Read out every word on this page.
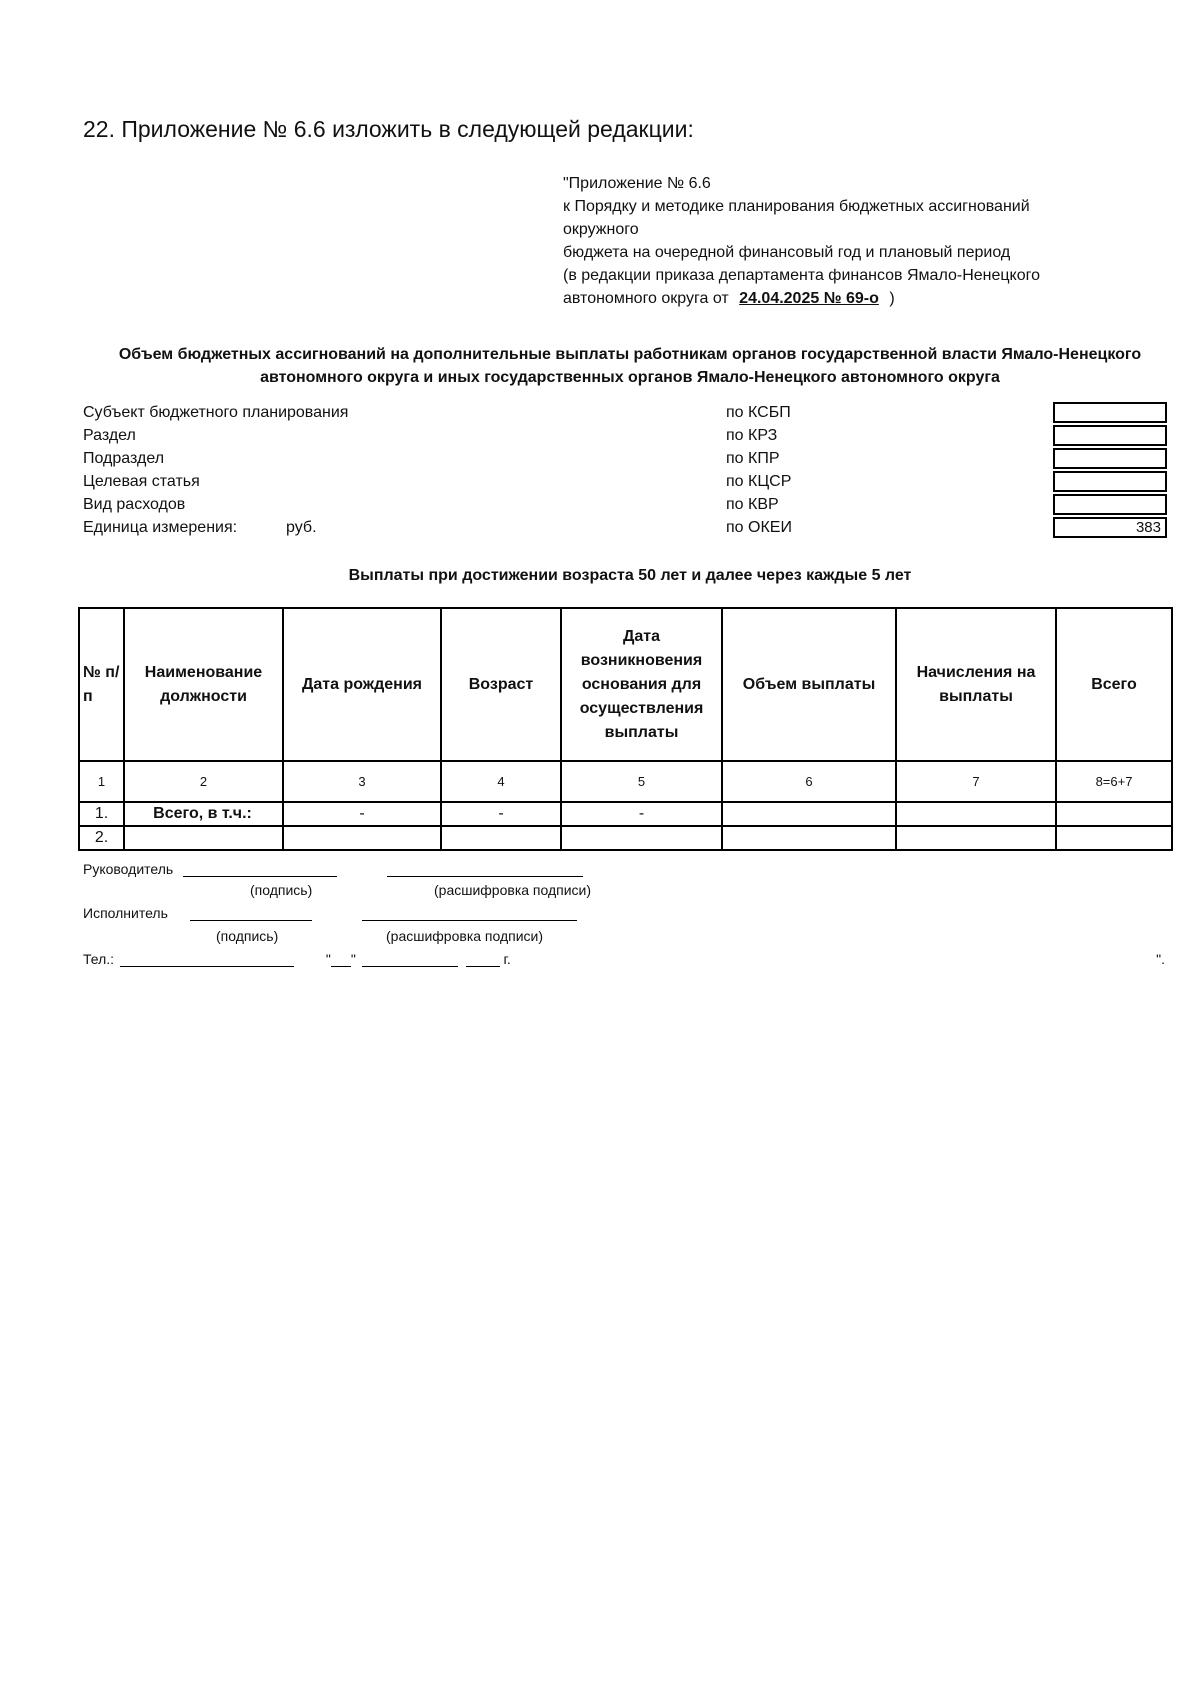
22. Приложение № 6.6 изложить в следующей редакции:
"Приложение № 6.6
к Порядку и методике планирования бюджетных ассигнований
окружного
бюджета на очередной финансовый год и плановый период
(в редакции приказа департамента финансов Ямало-Ненецкого
автономного округа от 24.04.2025 № 69-о )
Объем бюджетных ассигнований на дополнительные выплаты работникам органов государственной власти Ямало-Ненецкого автономного округа и иных государственных органов Ямало-Ненецкого автономного округа
Субъект бюджетного планирования	по КСБП
Раздел	по КРЗ
Подраздел	по КПР
Целевая статья	по КЦСР
Вид расходов	по КВР
Единица измерения:	руб.	по ОКЕИ	383
Выплаты при достижении возраста 50 лет и далее через каждые 5 лет
№ п/п	Наименование должности	Дата рождения	Возраст	Дата возникновения основания для осуществления выплаты	Объем выплаты	Начисления на выплаты	Всего
1	2	3	4	5	6	7	8=6+7
1.	Всего, в т.ч.:	-	-	-			
2.							
Руководитель
(подпись)	(расшифровка подписи)
Исполнитель
(подпись)	(расшифровка подписи)
Тел.:	" "	г.	".
